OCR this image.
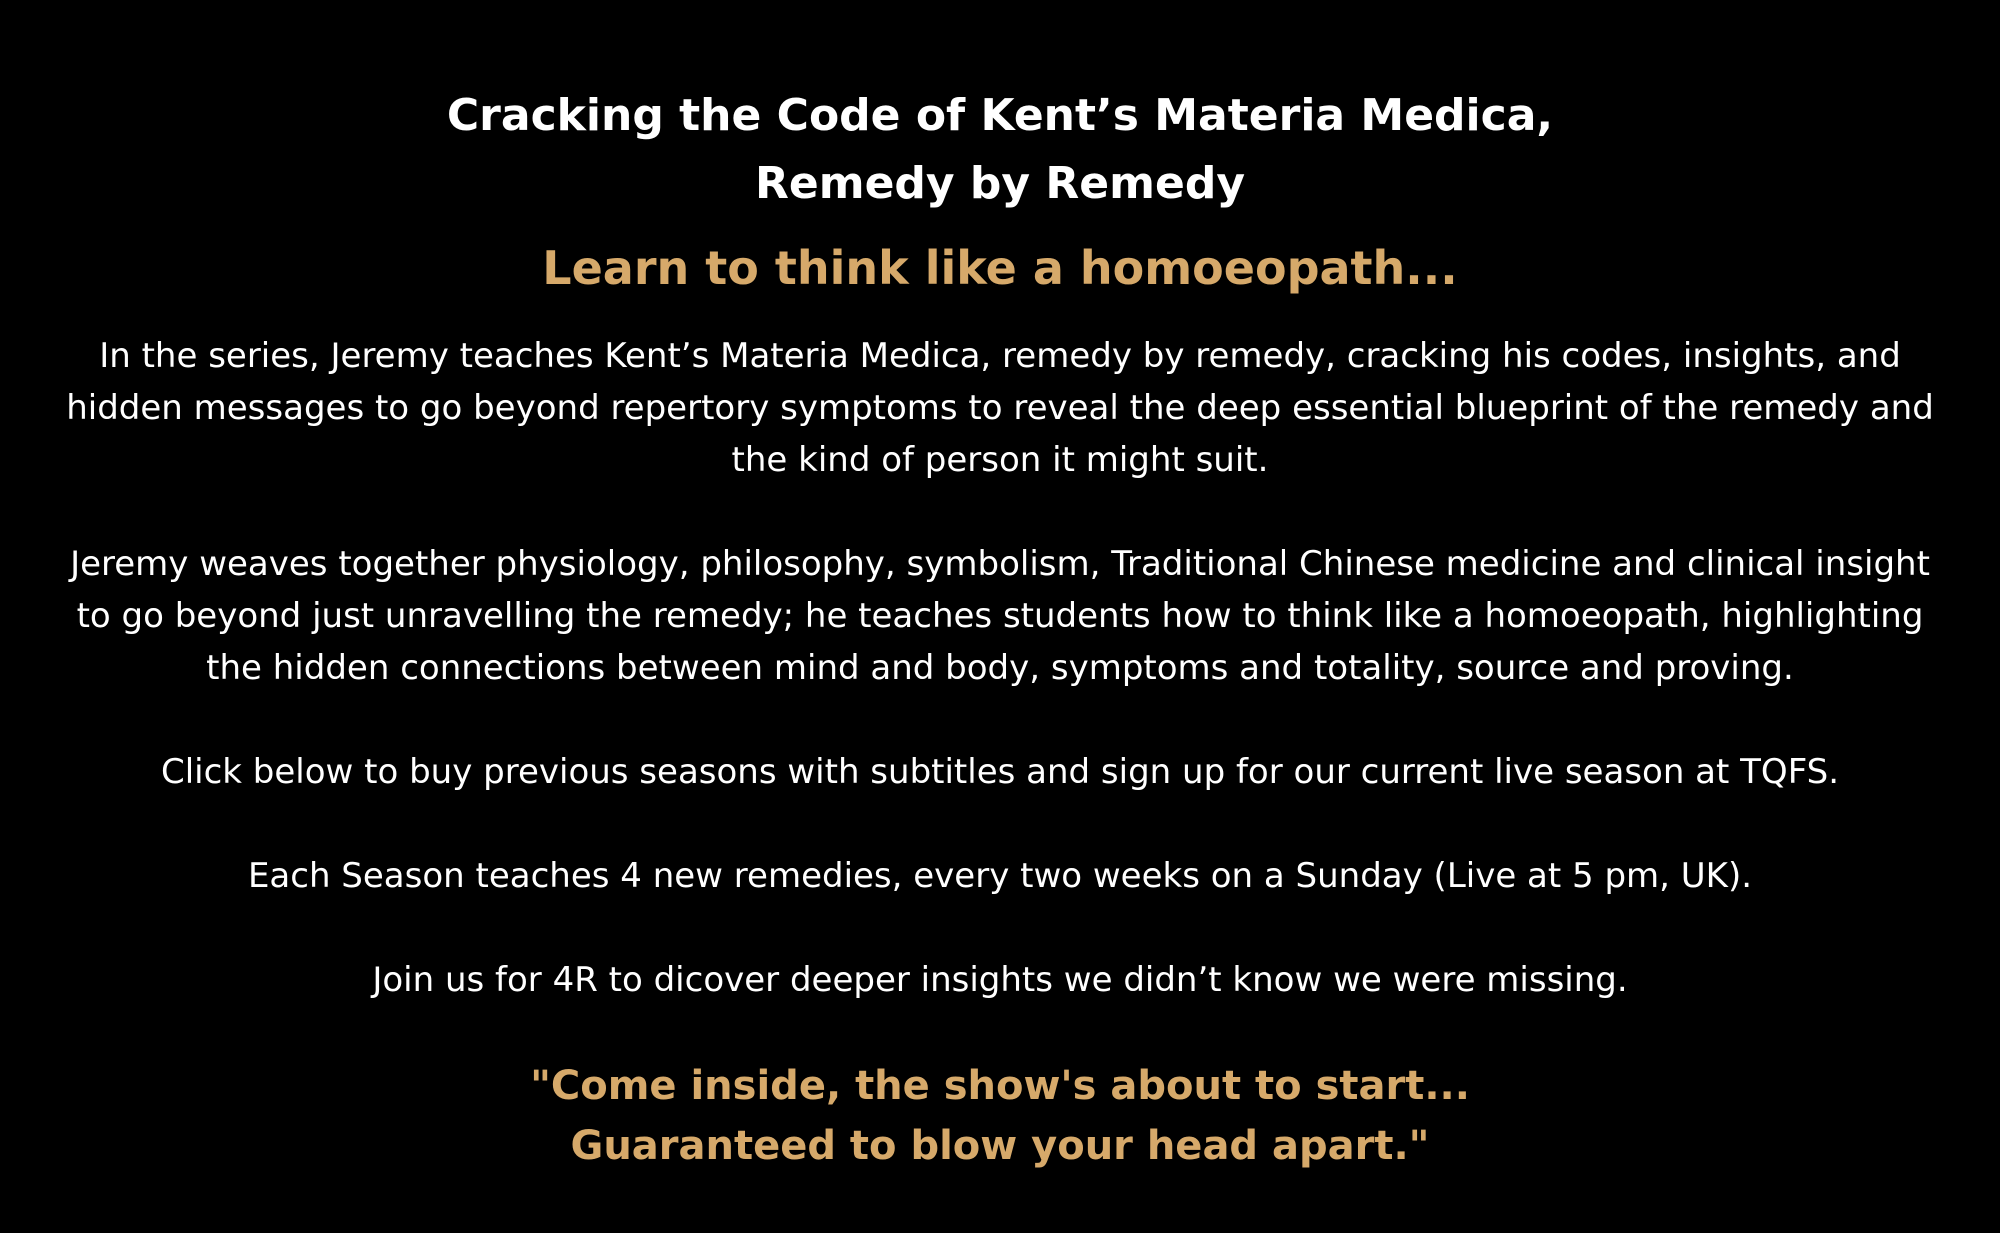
Cracking the Code of Kent’s Materia Medica,
Remedy by Remedy
Learn to think like a homoeopath...

In the series, Jeremy teaches Kent’s Materia Medica, remedy by remedy, cracking his codes, insights, and hidden messages to go beyond repertory symptoms to reveal the deep essential blueprint of the remedy and the kind of person it might suit.

Jeremy weaves together physiology, philosophy, symbolism, Traditional Chinese medicine and clinical insight to go beyond just unravelling the remedy; he teaches students how to think like a homoeopath, highlighting the hidden connections between mind and body, symptoms and totality, source and proving.

Click below to buy previous seasons with subtitles and sign up for our current live season at TQFS.

Each Season teaches 4 new remedies, every two weeks on a Sunday (Live at 5 pm, UK).

Join us for 4R to dicover deeper insights we didn’t know we were missing.

"Come inside, the show's about to start...
Guaranteed to blow your head apart."
